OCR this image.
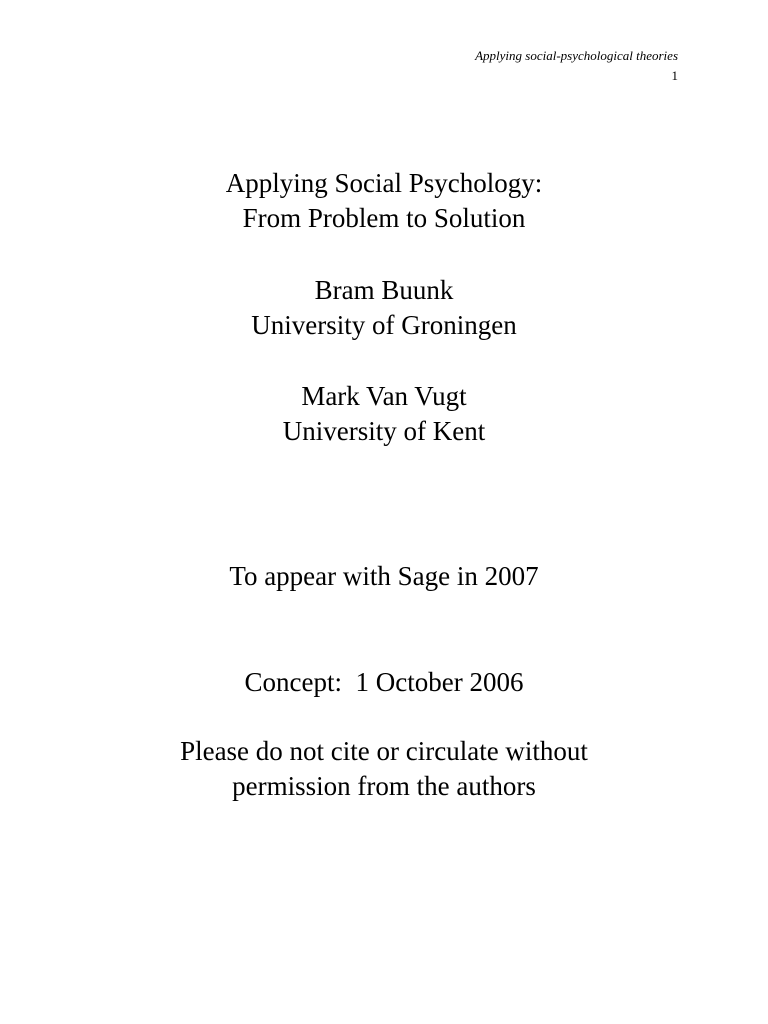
Applying social-psychological theories
1
Applying Social Psychology:
From Problem to Solution
Bram Buunk
University of Groningen
Mark Van Vugt
University of Kent
To appear with Sage in 2007
Concept:  1 October 2006
Please do not cite or circulate without
permission from the authors
